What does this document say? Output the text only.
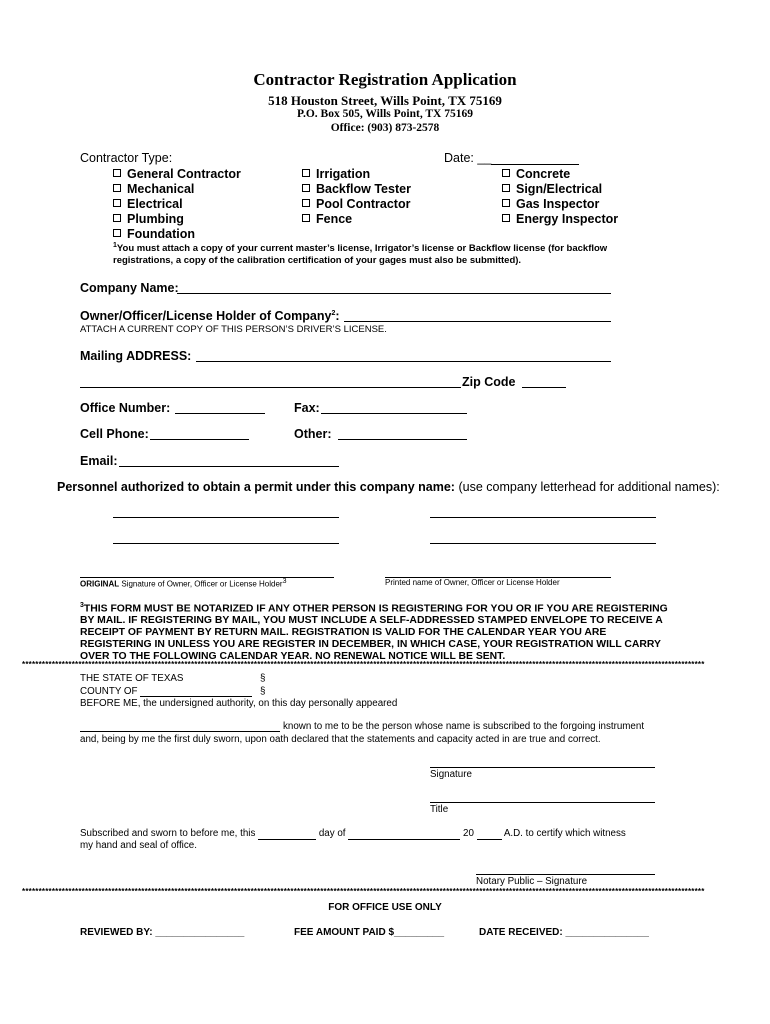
Contractor Registration Application
518 Houston Street, Wills Point, TX 75169
P.O. Box 505, Wills Point, TX 75169
Office: (903) 873-2578
Contractor Type:	Date: __
General Contractor
Mechanical
Electrical
Plumbing
Foundation
Irrigation
Backflow Tester
Pool Contractor
Fence
Concrete
Sign/Electrical
Gas Inspector
Energy Inspector
$^1$You must attach a copy of your current master’s license, Irrigator’s license or Backflow license (for backflow
registrations, a copy of the calibration certification of your gages must also be submitted).
Company Name:
Owner/Officer/License Holder of Company$^2$:
ATTACH A CURRENT COPY OF THIS PERSON’S DRIVER’S LICENSE.
Mailing ADDRESS:
Zip Code
Office Number:	Fax:
Cell Phone:	Other:
Email:
Personnel authorized to obtain a permit under this company name: (use company letterhead for additional names):
ORIGINAL Signature of Owner, Officer or License Holder$^3$	Printed name of Owner, Officer or License Holder
$^3$THIS FORM MUST BE NOTARIZED IF ANY OTHER PERSON IS REGISTERING FOR YOU OR IF YOU ARE REGISTERING BY MAIL. IF REGISTERING BY MAIL, YOU MUST INCLUDE A SELF-ADDRESSED STAMPED ENVELOPE TO RECEIVE A RECEIPT OF PAYMENT BY RETURN MAIL. REGISTRATION IS VALID FOR THE CALENDAR YEAR YOU ARE REGISTERING IN UNLESS YOU ARE REGISTER IN DECEMBER, IN WHICH CASE, YOUR REGISTRATION WILL CARRY OVER TO THE FOLLOWING CALENDAR YEAR. NO RENEWAL NOTICE WILL BE SENT.
**************************************************************************************************************************************************************************************************************
THE STATE OF TEXAS	§
COUNTY OF	§
BEFORE ME, the undersigned authority, on this day personally appeared
known to me to be the person whose name is subscribed to the forgoing instrument
and, being by me the first duly sworn, upon oath declared that the statements and capacity acted in are true and correct.
Signature
Title
Subscribed and sworn to before me, this	day of	20	A.D. to certify which witness
my hand and seal of office.
Notary Public – Signature
**************************************************************************************************************************************************************************************************************
FOR OFFICE USE ONLY
REVIEWED BY: ________________	FEE AMOUNT PAID $_________	DATE RECEIVED: _______________
